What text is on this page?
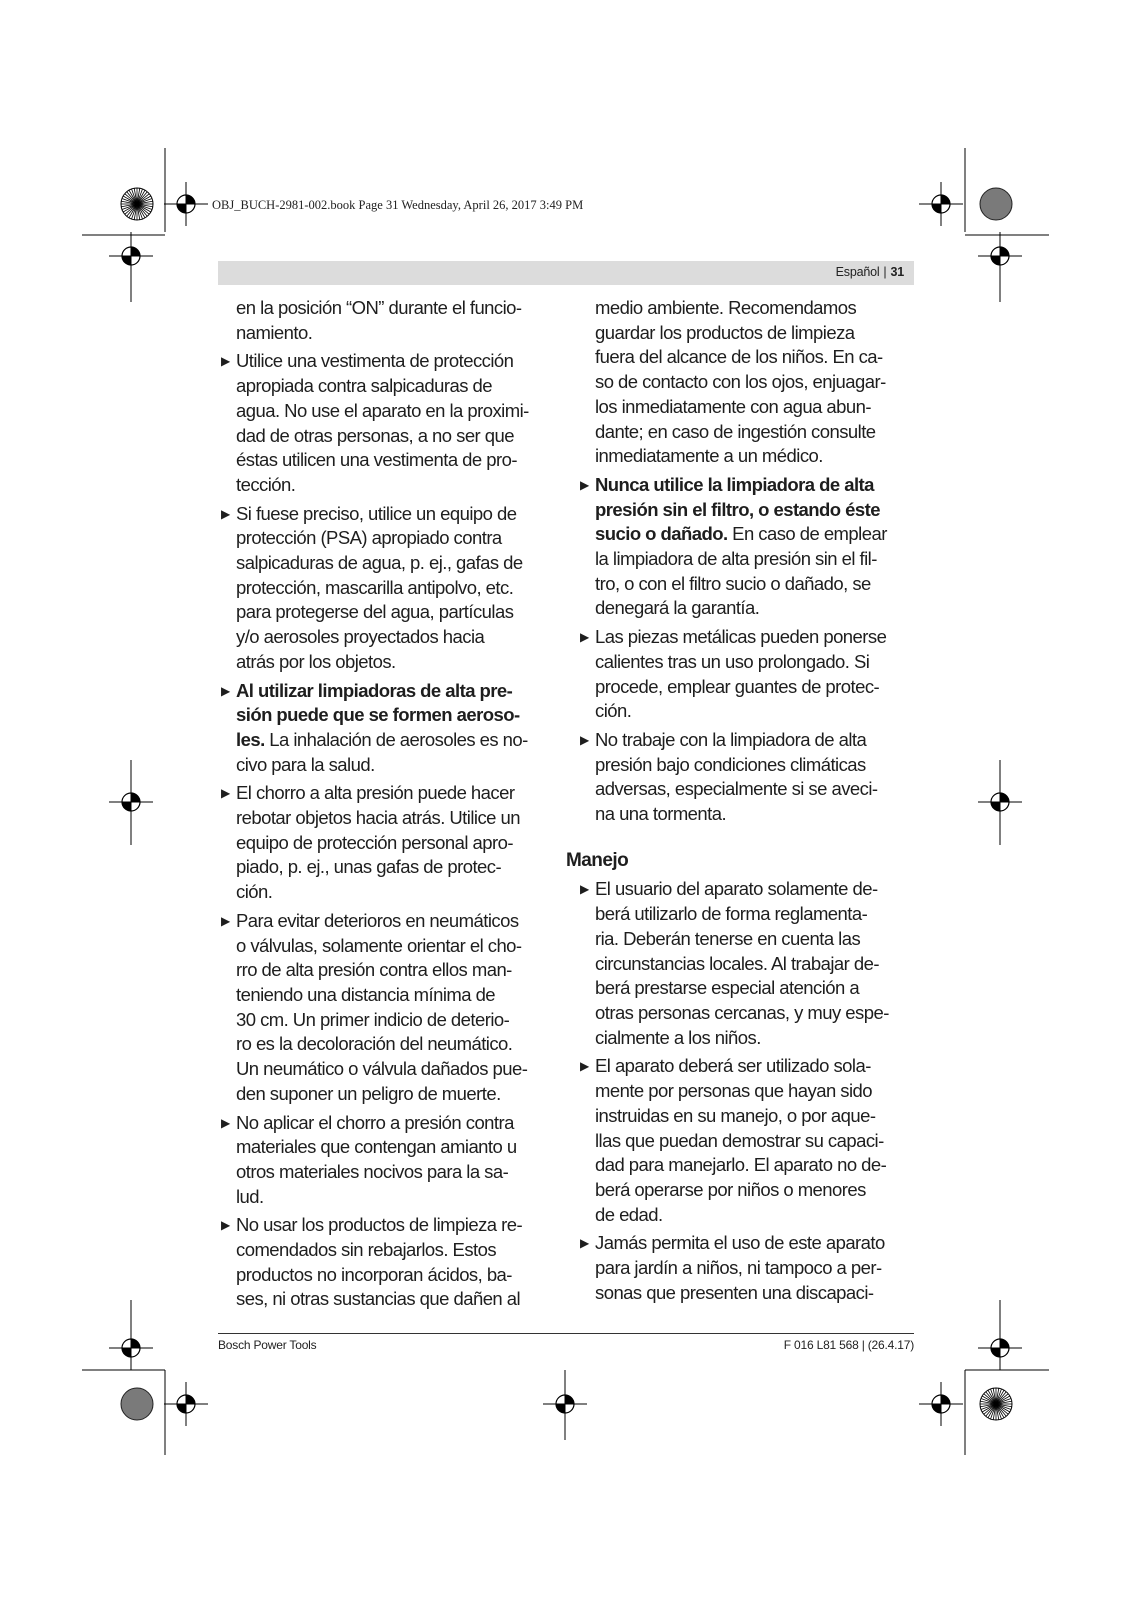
OBJ_BUCH-2981-002.book Page 31 Wednesday, April 26, 2017 3:49 PM
Español | 31
en la posición “ON” durante el funcio-
namiento.
▶ Utilice una vestimenta de protección
apropiada contra salpicaduras de
agua. No use el aparato en la proximi-
dad de otras personas, a no ser que
éstas utilicen una vestimenta de pro-
tección.
▶ Si fuese preciso, utilice un equipo de
protección (PSA) apropiado contra
salpicaduras de agua, p. ej., gafas de
protección, mascarilla antipolvo, etc.
para protegerse del agua, partículas
y/o aerosoles proyectados hacia
atrás por los objetos.
▶ Al utilizar limpiadoras de alta pre-
sión puede que se formen aeroso-
les. La inhalación de aerosoles es no-
civo para la salud.
▶ El chorro a alta presión puede hacer
rebotar objetos hacia atrás. Utilice un
equipo de protección personal apro-
piado, p. ej., unas gafas de protec-
ción.
▶ Para evitar deterioros en neumáticos
o válvulas, solamente orientar el cho-
rro de alta presión contra ellos man-
teniendo una distancia mínima de
30 cm. Un primer indicio de deterio-
ro es la decoloración del neumático.
Un neumático o válvula dañados pue-
den suponer un peligro de muerte.
▶ No aplicar el chorro a presión contra
materiales que contengan amianto u
otros materiales nocivos para la sa-
lud.
▶ No usar los productos de limpieza re-
comendados sin rebajarlos. Estos
productos no incorporan ácidos, ba-
ses, ni otras sustancias que dañen al
medio ambiente. Recomendamos
guardar los productos de limpieza
fuera del alcance de los niños. En ca-
so de contacto con los ojos, enjuagar-
los inmediatamente con agua abun-
dante; en caso de ingestión consulte
inmediatamente a un médico.
▶ Nunca utilice la limpiadora de alta
presión sin el filtro, o estando éste
sucio o dañado. En caso de emplear
la limpiadora de alta presión sin el fil-
tro, o con el filtro sucio o dañado, se
denegará la garantía.
▶ Las piezas metálicas pueden ponerse
calientes tras un uso prolongado. Si
procede, emplear guantes de protec-
ción.
▶ No trabaje con la limpiadora de alta
presión bajo condiciones climáticas
adversas, especialmente si se aveci-
na una tormenta.
Manejo
▶ El usuario del aparato solamente de-
berá utilizarlo de forma reglamenta-
ria. Deberán tenerse en cuenta las
circunstancias locales. Al trabajar de-
berá prestarse especial atención a
otras personas cercanas, y muy espe-
cialmente a los niños.
▶ El aparato deberá ser utilizado sola-
mente por personas que hayan sido
instruidas en su manejo, o por aque-
llas que puedan demostrar su capaci-
dad para manejarlo. El aparato no de-
berá operarse por niños o menores
de edad.
▶ Jamás permita el uso de este aparato
para jardín a niños, ni tampoco a per-
sonas que presenten una discapaci-
Bosch Power Tools	F 016 L81 568 | (26.4.17)
